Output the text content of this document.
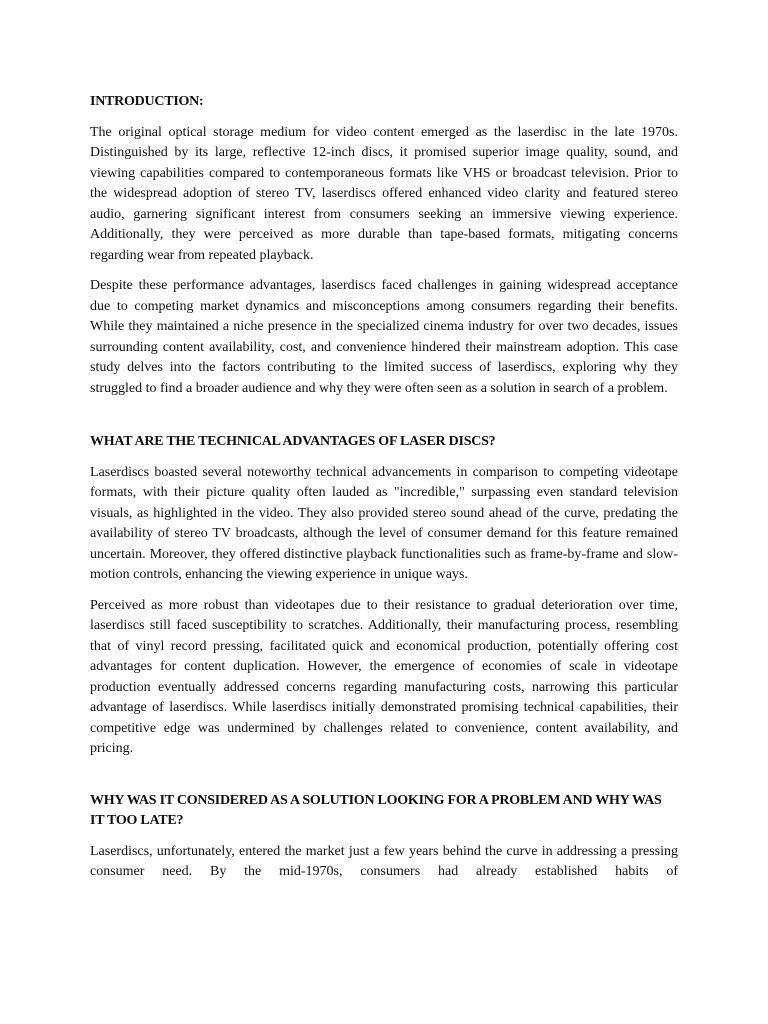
INTRODUCTION:

The original optical storage medium for video content emerged as the laserdisc in the late 1970s. Distinguished by its large, reflective 12-inch discs, it promised superior image quality, sound, and viewing capabilities compared to contemporaneous formats like VHS or broadcast television. Prior to the widespread adoption of stereo TV, laserdiscs offered enhanced video clarity and featured stereo audio, garnering significant interest from consumers seeking an immersive viewing experience. Additionally, they were perceived as more durable than tape-based formats, mitigating concerns regarding wear from repeated playback.

Despite these performance advantages, laserdiscs faced challenges in gaining widespread acceptance due to competing market dynamics and misconceptions among consumers regarding their benefits. While they maintained a niche presence in the specialized cinema industry for over two decades, issues surrounding content availability, cost, and convenience hindered their mainstream adoption. This case study delves into the factors contributing to the limited success of laserdiscs, exploring why they struggled to find a broader audience and why they were often seen as a solution in search of a problem.

WHAT ARE THE TECHNICAL ADVANTAGES OF LASER DISCS?

Laserdiscs boasted several noteworthy technical advancements in comparison to competing videotape formats, with their picture quality often lauded as "incredible," surpassing even standard television visuals, as highlighted in the video. They also provided stereo sound ahead of the curve, predating the availability of stereo TV broadcasts, although the level of consumer demand for this feature remained uncertain. Moreover, they offered distinctive playback functionalities such as frame-by-frame and slow-motion controls, enhancing the viewing experience in unique ways.

Perceived as more robust than videotapes due to their resistance to gradual deterioration over time, laserdiscs still faced susceptibility to scratches. Additionally, their manufacturing process, resembling that of vinyl record pressing, facilitated quick and economical production, potentially offering cost advantages for content duplication. However, the emergence of economies of scale in videotape production eventually addressed concerns regarding manufacturing costs, narrowing this particular advantage of laserdiscs. While laserdiscs initially demonstrated promising technical capabilities, their competitive edge was undermined by challenges related to convenience, content availability, and pricing.

WHY WAS IT CONSIDERED AS A SOLUTION LOOKING FOR A PROBLEM AND WHY WAS IT TOO LATE?

Laserdiscs, unfortunately, entered the market just a few years behind the curve in addressing a pressing consumer need. By the mid-1970s, consumers had already established habits of
